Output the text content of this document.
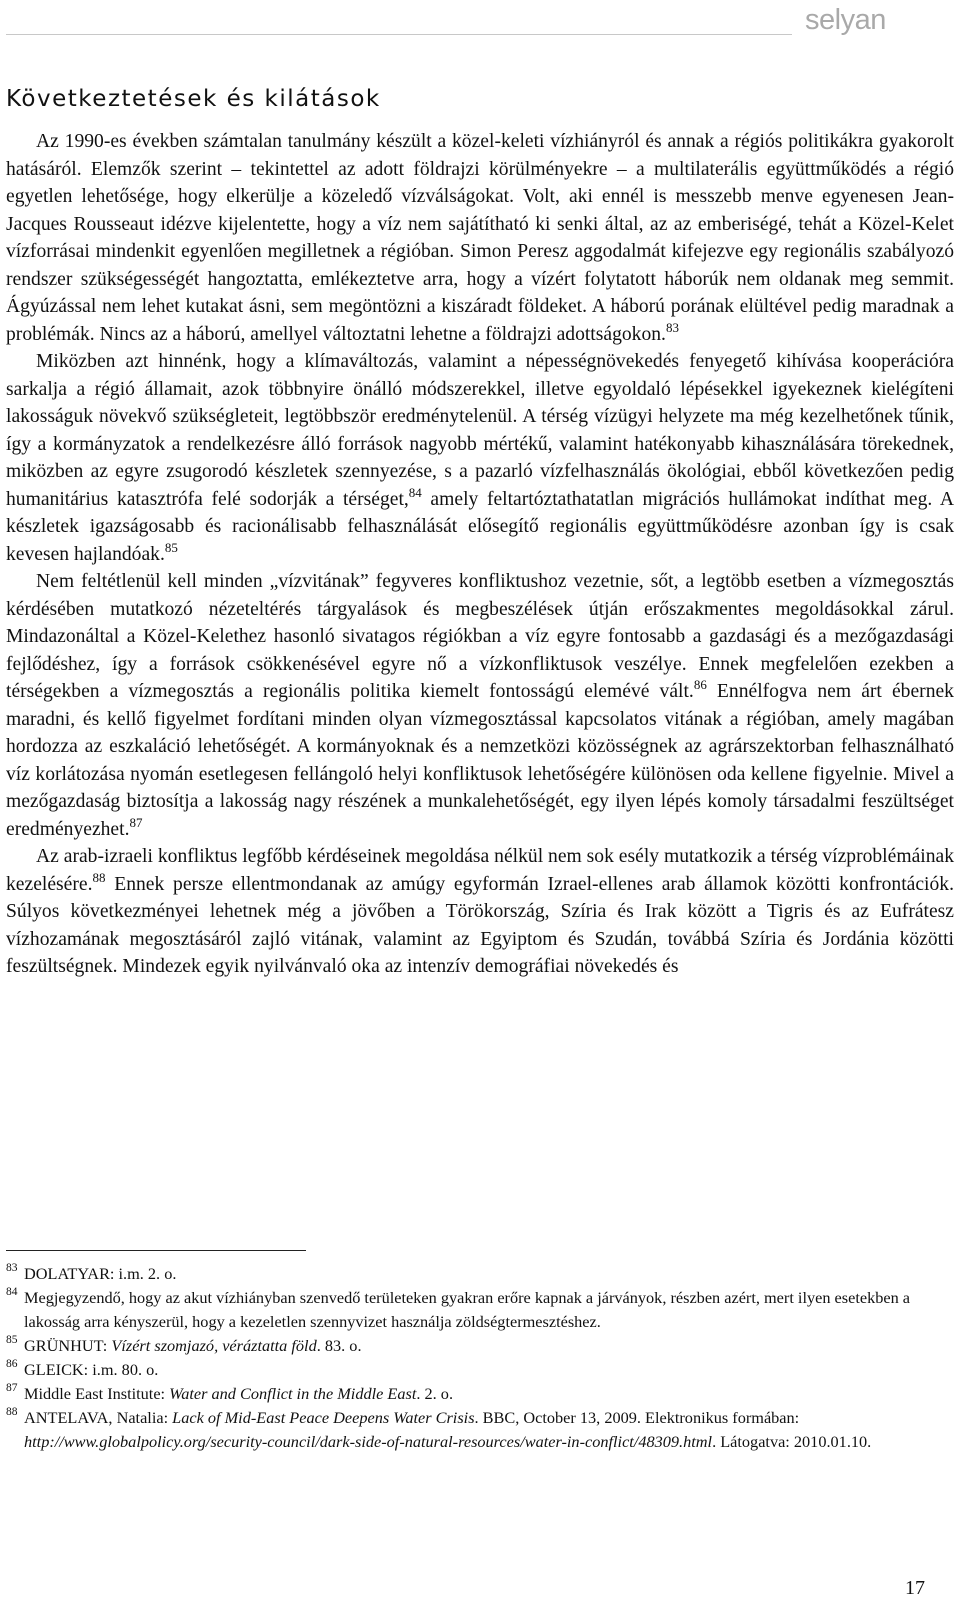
selyan
Következtetések és kilátások

Az 1990-es években számtalan tanulmány készült a közel-keleti vízhiányról és annak a régiós politikákra gyakorolt hatásáról. Elemzők szerint – tekintettel az adott földrajzi körülményekre – a multilaterális együttműködés a régió egyetlen lehetősége, hogy elkerülje a közeledő vízválságokat. Volt, aki ennél is messzebb menve egyenesen Jean-Jacques Rousseaut idézve kijelentette, hogy a víz nem sajátítható ki senki által, az az emberiségé, tehát a Közel-Kelet vízforrásai mindenkit egyenlően megilletnek a régióban. Simon Peresz aggodalmát kifejezve egy regionális szabályozó rendszer szükségességét hangoztatta, emlékeztetve arra, hogy a vízért folytatott háborúk nem oldanak meg semmit. Ágyúzással nem lehet kutakat ásni, sem megöntözni a kiszáradt földeket. A háború porának elültével pedig maradnak a problémák. Nincs az a háború, amellyel változtatni lehetne a földrajzi adottságokon.$^{83}$

Miközben azt hinnénk, hogy a klímaváltozás, valamint a népességnövekedés fenyegető kihívása kooperációra sarkalja a régió államait, azok többnyire önálló módszerekkel, illetve egyoldaló lépésekkel igyekeznek kielégíteni lakosságuk növekvő szükségleteit, legtöbbször eredménytelenül. A térség vízügyi helyzete ma még kezelhetőnek tűnik, így a kormányzatok a rendelkezésre álló források nagyobb mértékű, valamint hatékonyabb kihasználására törekednek, miközben az egyre zsugorodó készletek szennyezése, s a pazarló vízfelhasználás ökológiai, ebből következően pedig humanitárius katasztrófa felé sodorják a térséget,$^{84}$ amely feltartóztathatatlan migrációs hullámokat indíthat meg. A készletek igazságosabb és racionálisabb felhasználását elősegítő regionális együttműködésre azonban így is csak kevesen hajlandóak.$^{85}$

Nem feltétlenül kell minden „vízvitának” fegyveres konfliktushoz vezetnie, sőt, a legtöbb esetben a vízmegosztás kérdésében mutatkozó nézeteltérés tárgyalások és megbeszélések útján erőszakmentes megoldásokkal zárul. Mindazonáltal a Közel-Kelethez hasonló sivatagos régiókban a víz egyre fontosabb a gazdasági és a mezőgazdasági fejlődéshez, így a források csökkenésével egyre nő a vízkonfliktusok veszélye. Ennek megfelelően ezekben a térségekben a vízmegosztás a regionális politika kiemelt fontosságú elemévé vált.$^{86}$ Ennélfogva nem árt ébernek maradni, és kellő figyelmet fordítani minden olyan vízmegosztással kapcsolatos vitának a régióban, amely magában hordozza az eszkaláció lehetőségét. A kormányoknak és a nemzetközi közösségnek az agrárszektorban felhasználható víz korlátozása nyomán esetlegesen fellángoló helyi konfliktusok lehetőségére különösen oda kellene figyelnie. Mivel a mezőgazdaság biztosítja a lakosság nagy részének a munkalehetőségét, egy ilyen lépés komoly társadalmi feszültséget eredményezhet.$^{87}$

Az arab-izraeli konfliktus legfőbb kérdéseinek megoldása nélkül nem sok esély mutatkozik a térség vízproblémáinak kezelésére.$^{88}$ Ennek persze ellentmondanak az amúgy egyformán Izrael-ellenes arab államok közötti konfrontációk. Súlyos következményei lehetnek még a jövőben a Törökország, Szíria és Irak között a Tigris és az Eufrátesz vízhozamának megosztásáról zajló vitának, valamint az Egyiptom és Szudán, továbbá Szíria és Jordánia közötti feszültségnek. Mindezek egyik nyilvánvaló oka az intenzív demográfiai növekedés és

83 DOLATYAR: i.m. 2. o.
84 Megjegyzendő, hogy az akut vízhiányban szenvedő területeken gyakran erőre kapnak a járványok, részben azért, mert ilyen esetekben a lakosság arra kényszerül, hogy a kezeletlen szennyvizet használja zöldségtermesztéshez.
85 GRÜNHUT: Vízért szomjazó, véráztatta föld. 83. o.
86 GLEICK: i.m. 80. o.
87 Middle East Institute: Water and Conflict in the Middle East. 2. o.
88 ANTELAVA, Natalia: Lack of Mid-East Peace Deepens Water Crisis. BBC, October 13, 2009. Elektronikus formában: http://www.globalpolicy.org/security-council/dark-side-of-natural-resources/water-in-conflict/48309.html. Látogatva: 2010.01.10.
17
